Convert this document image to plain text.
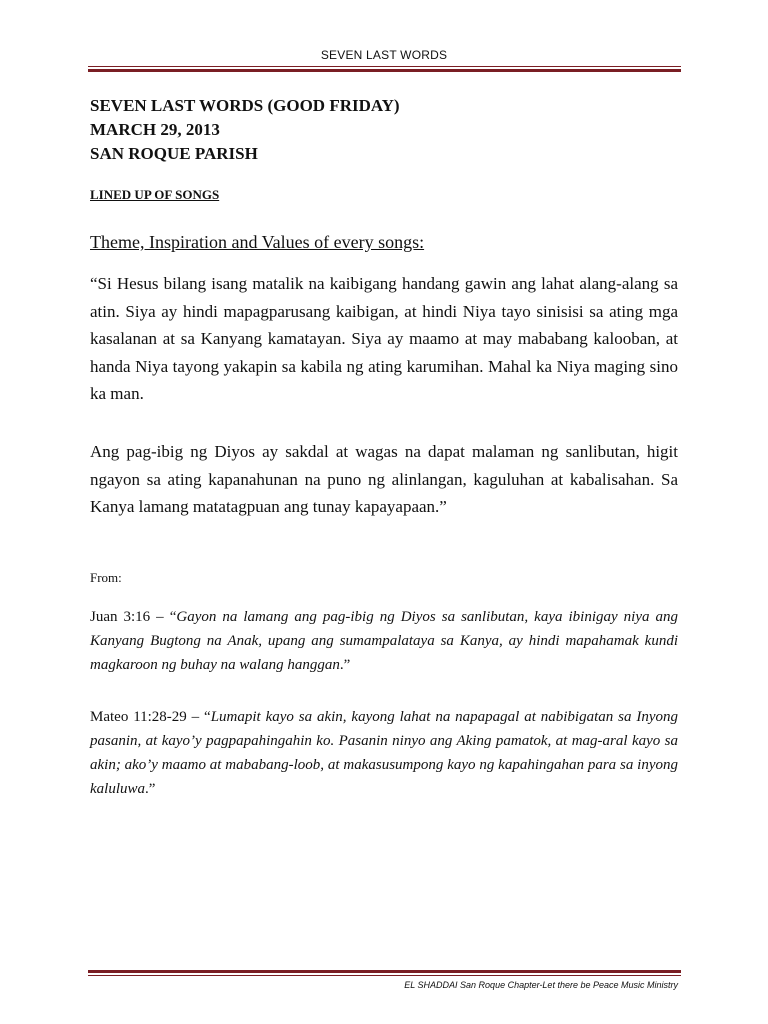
SEVEN LAST WORDS
SEVEN LAST WORDS (GOOD FRIDAY)
MARCH 29, 2013
SAN ROQUE PARISH
LINED UP OF SONGS
Theme, Inspiration and Values of every songs:

“Si Hesus bilang isang matalik na kaibigang handang gawin ang lahat alang-alang sa atin. Siya ay hindi mapagparusang kaibigan, at hindi Niya tayo sinisisi sa ating mga kasalanan at sa Kanyang kamatayan. Siya ay maamo at may mababang kalooban, at handa Niya tayong yakapin sa kabila ng ating karumihan. Mahal ka Niya maging sino ka man.

Ang pag-ibig ng Diyos ay sakdal at wagas na dapat malaman ng sanlibutan, higit ngayon sa ating kapanahunan na puno ng alinlangan, kaguluhan at kabalisahan. Sa Kanya lamang matatagpuan ang tunay kapayapaan.”

From:

Juan 3:16 – “Gayon na lamang ang pag-ibig ng Diyos sa sanlibutan, kaya ibinigay niya ang Kanyang Bugtong na Anak, upang ang sumampalataya sa Kanya, ay hindi mapahamak kundi magkaroon ng buhay na walang hanggan.”

Mateo 11:28-29 – “Lumapit kayo sa akin, kayong lahat na napapagal at nabibigatan sa Inyong pasanin, at kayo’y pagpapahingahin ko. Pasanin ninyo ang Aking pamatok, at mag-aral kayo sa akin; ako’y maamo at mababang-loob, at makasusumpong kayo ng kapahingahan para sa inyong kaluluwa.”

EL SHADDAI San Roque Chapter-Let there be Peace Music Ministry
